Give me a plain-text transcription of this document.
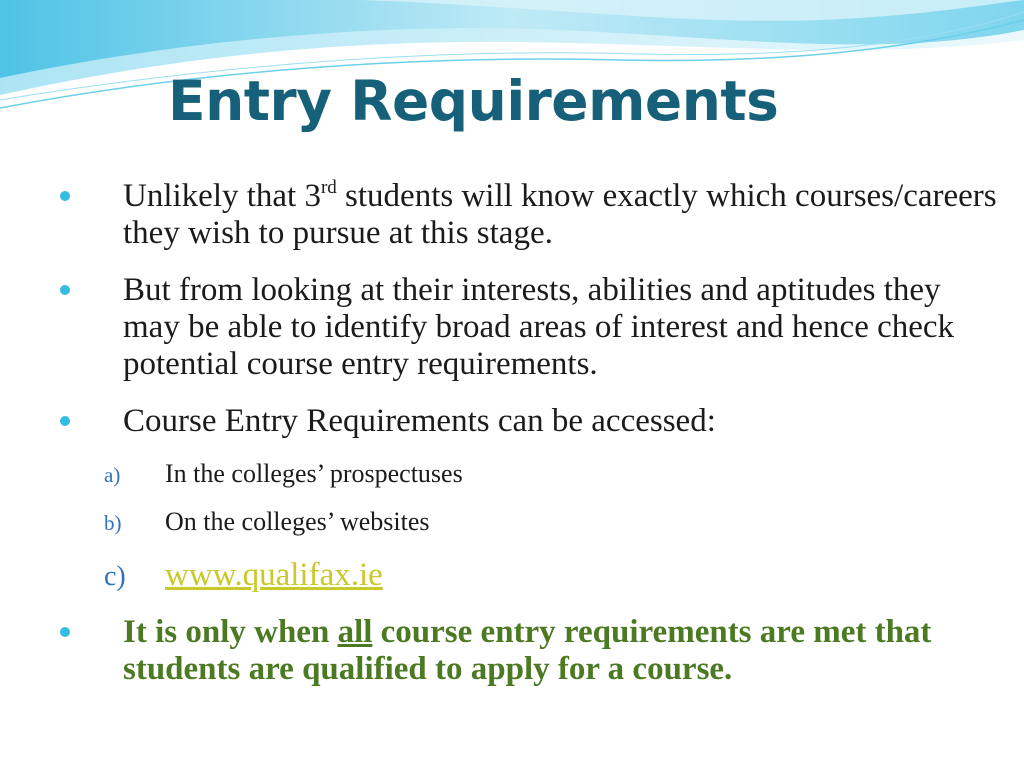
Entry Requirements

Unlikely that 3rd students will know exactly which courses/careers they wish to pursue at this stage.

But from looking at their interests, abilities and aptitudes they may be able to identify broad areas of interest and hence check potential course entry requirements.

Course Entry Requirements can be accessed:

a) In the colleges’ prospectuses
b) On the colleges’ websites
c) www.qualifax.ie

It is only when all course entry requirements are met that students are qualified to apply for a course.
